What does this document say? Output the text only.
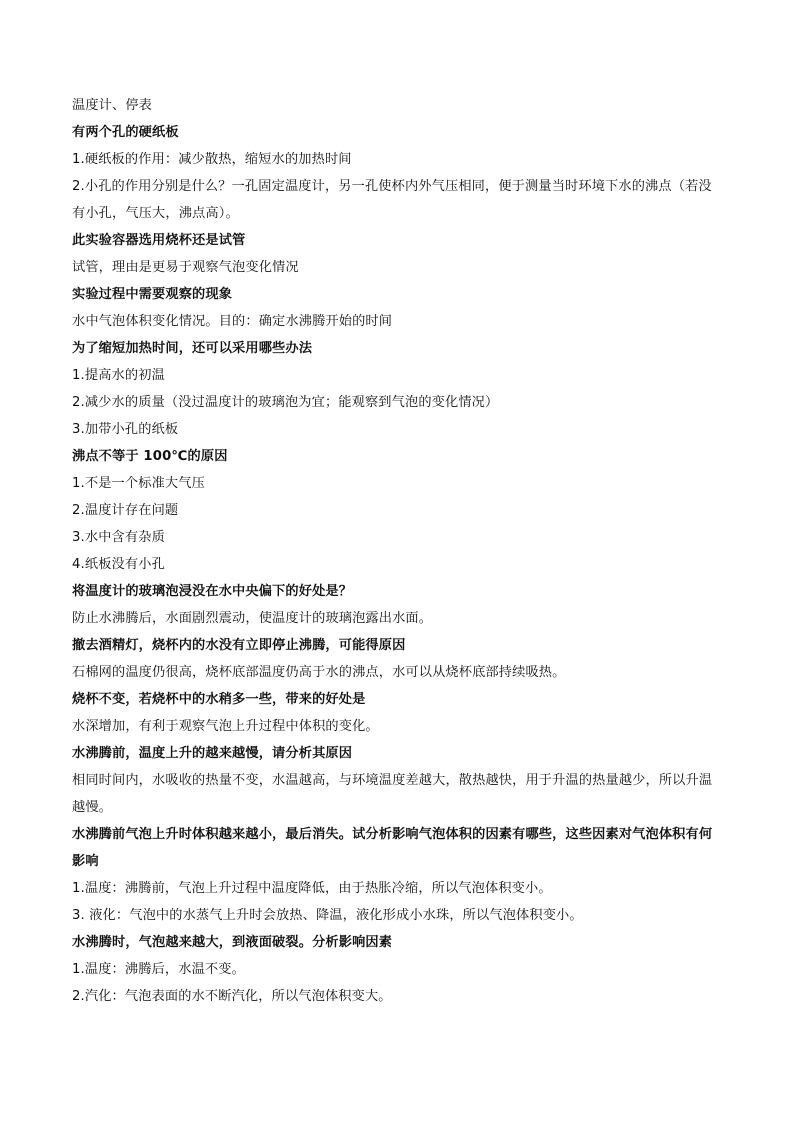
温度计、停表
有两个孔的硬纸板
1.硬纸板的作用：减少散热，缩短水的加热时间
2.小孔的作用分别是什么？一孔固定温度计，另一孔使杯内外气压相同，便于测量当时环境下水的沸点（若没有小孔，气压大，沸点高）。
此实验容器选用烧杯还是试管
试管，理由是更易于观察气泡变化情况
实验过程中需要观察的现象
水中气泡体积变化情况。目的：确定水沸腾开始的时间
为了缩短加热时间，还可以采用哪些办法
1.提高水的初温
2.减少水的质量（没过温度计的玻璃泡为宜；能观察到气泡的变化情况）
3.加带小孔的纸板
沸点不等于 100℃的原因
1.不是一个标准大气压
2.温度计存在问题
3.水中含有杂质
4.纸板没有小孔
将温度计的玻璃泡浸没在水中央偏下的好处是？
防止水沸腾后，水面剧烈震动，使温度计的玻璃泡露出水面。
撤去酒精灯，烧杯内的水没有立即停止沸腾，可能得原因
石棉网的温度仍很高，烧杯底部温度仍高于水的沸点，水可以从烧杯底部持续吸热。
烧杯不变，若烧杯中的水稍多一些，带来的好处是
水深增加，有利于观察气泡上升过程中体积的变化。
水沸腾前，温度上升的越来越慢，请分析其原因
相同时间内，水吸收的热量不变，水温越高，与环境温度差越大，散热越快，用于升温的热量越少，所以升温越慢。
水沸腾前气泡上升时体积越来越小，最后消失。试分析影响气泡体积的因素有哪些，这些因素对气泡体积有何影响
1.温度：沸腾前，气泡上升过程中温度降低，由于热胀冷缩，所以气泡体积变小。
3. 液化：气泡中的水蒸气上升时会放热、降温，液化形成小水珠，所以气泡体积变小。
水沸腾时，气泡越来越大，到液面破裂。分析影响因素
1.温度：沸腾后，水温不变。
2.汽化：气泡表面的水不断汽化，所以气泡体积变大。
